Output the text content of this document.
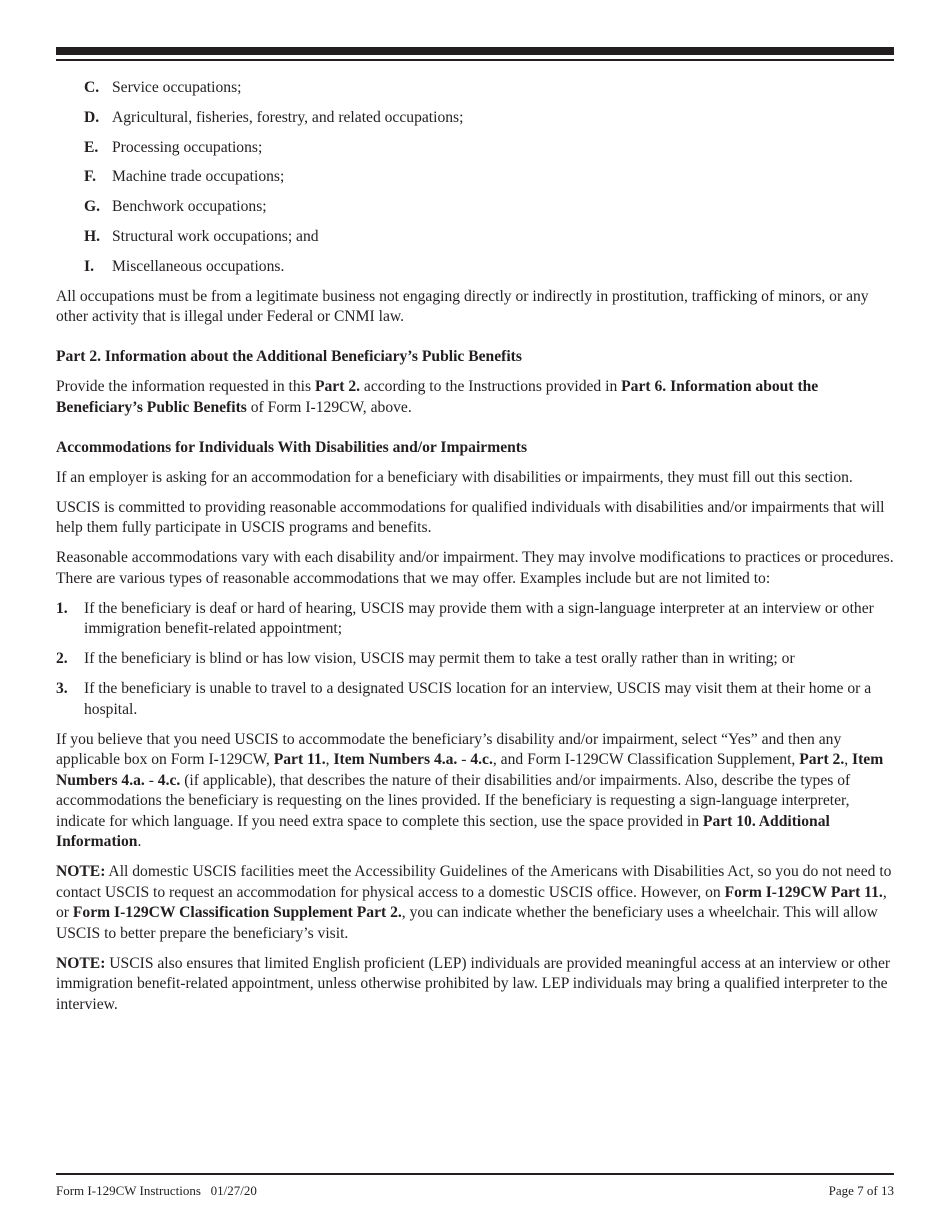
C. Service occupations;
D. Agricultural, fisheries, forestry, and related occupations;
E. Processing occupations;
F.	Machine trade occupations;
G. Benchwork occupations;
H. Structural work occupations; and
I.	Miscellaneous occupations.

All occupations must be from a legitimate business not engaging directly or indirectly in prostitution, trafficking of minors, or any other activity that is illegal under Federal or CNMI law.

Part 2. Information about the Additional Beneficiary’s Public Benefits

Provide the information requested in this Part 2. according to the Instructions provided in Part 6. Information about the Beneficiary’s Public Benefits of Form I-129CW, above.

Accommodations for Individuals With Disabilities and/or Impairments

If an employer is asking for an accommodation for a beneficiary with disabilities or impairments, they must fill out this section.

USCIS is committed to providing reasonable accommodations for qualified individuals with disabilities and/or impairments that will help them fully participate in USCIS programs and benefits.

Reasonable accommodations vary with each disability and/or impairment. They may involve modifications to practices or procedures. There are various types of reasonable accommodations that we may offer. Examples include but are not limited to:

1.	If the beneficiary is deaf or hard of hearing, USCIS may provide them with a sign-language interpreter at an interview or other immigration benefit-related appointment;
2.	If the beneficiary is blind or has low vision, USCIS may permit them to take a test orally rather than in writing; or
3.	If the beneficiary is unable to travel to a designated USCIS location for an interview, USCIS may visit them at their home or a hospital.

If you believe that you need USCIS to accommodate the beneficiary’s disability and/or impairment, select “Yes” and then any applicable box on Form I-129CW, Part 11., Item Numbers 4.a. - 4.c., and Form I-129CW Classification Supplement, Part 2., Item Numbers 4.a. - 4.c. (if applicable), that describes the nature of their disabilities and/or impairments. Also, describe the types of accommodations the beneficiary is requesting on the lines provided. If the beneficiary is requesting a sign-language interpreter, indicate for which language. If you need extra space to complete this section, use the space provided in Part 10. Additional Information.

NOTE: All domestic USCIS facilities meet the Accessibility Guidelines of the Americans with Disabilities Act, so you do not need to contact USCIS to request an accommodation for physical access to a domestic USCIS office. However, on Form I-129CW Part 11., or Form I-129CW Classification Supplement Part 2., you can indicate whether the beneficiary uses a wheelchair. This will allow USCIS to better prepare the beneficiary’s visit.

NOTE: USCIS also ensures that limited English proficient (LEP) individuals are provided meaningful access at an interview or other immigration benefit-related appointment, unless otherwise prohibited by law. LEP individuals may bring a qualified interpreter to the interview.

Form I-129CW Instructions   01/27/20	Page 7 of 13
